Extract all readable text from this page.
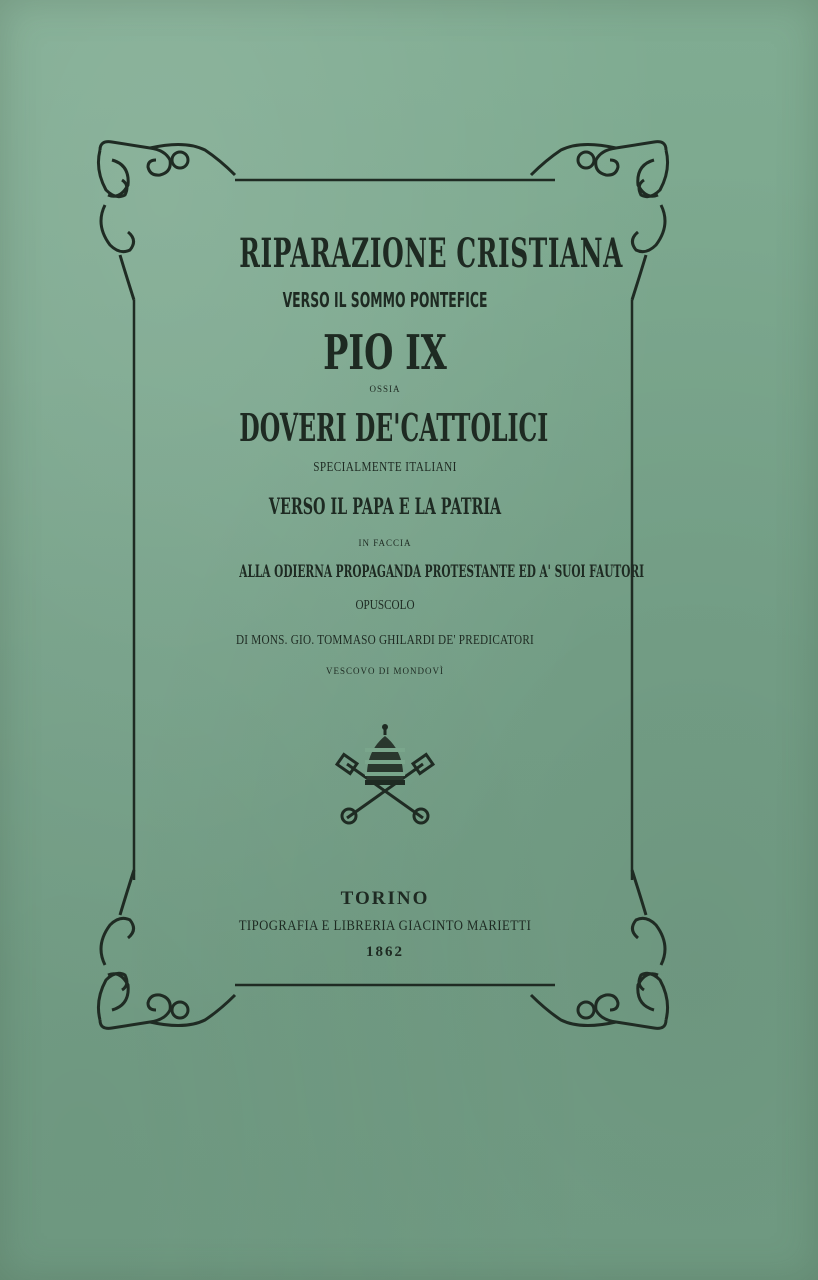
RIPARAZIONE CRISTIANA
VERSO IL SOMMO PONTEFICE
PIO IX
OSSIA
DOVERI DE'CATTOLICI
SPECIALMENTE ITALIANI
VERSO IL PAPA E LA PATRIA
IN FACCIA
ALLA ODIERNA PROPAGANDA PROTESTANTE ED A' SUOI FAUTORI
OPUSCOLO
DI MONS. GIO. TOMMASO GHILARDI DE' PREDICATORI
VESCOVO DI MONDOVÌ
TORINO
TIPOGRAFIA E LIBRERIA GIACINTO MARIETTI
1862
